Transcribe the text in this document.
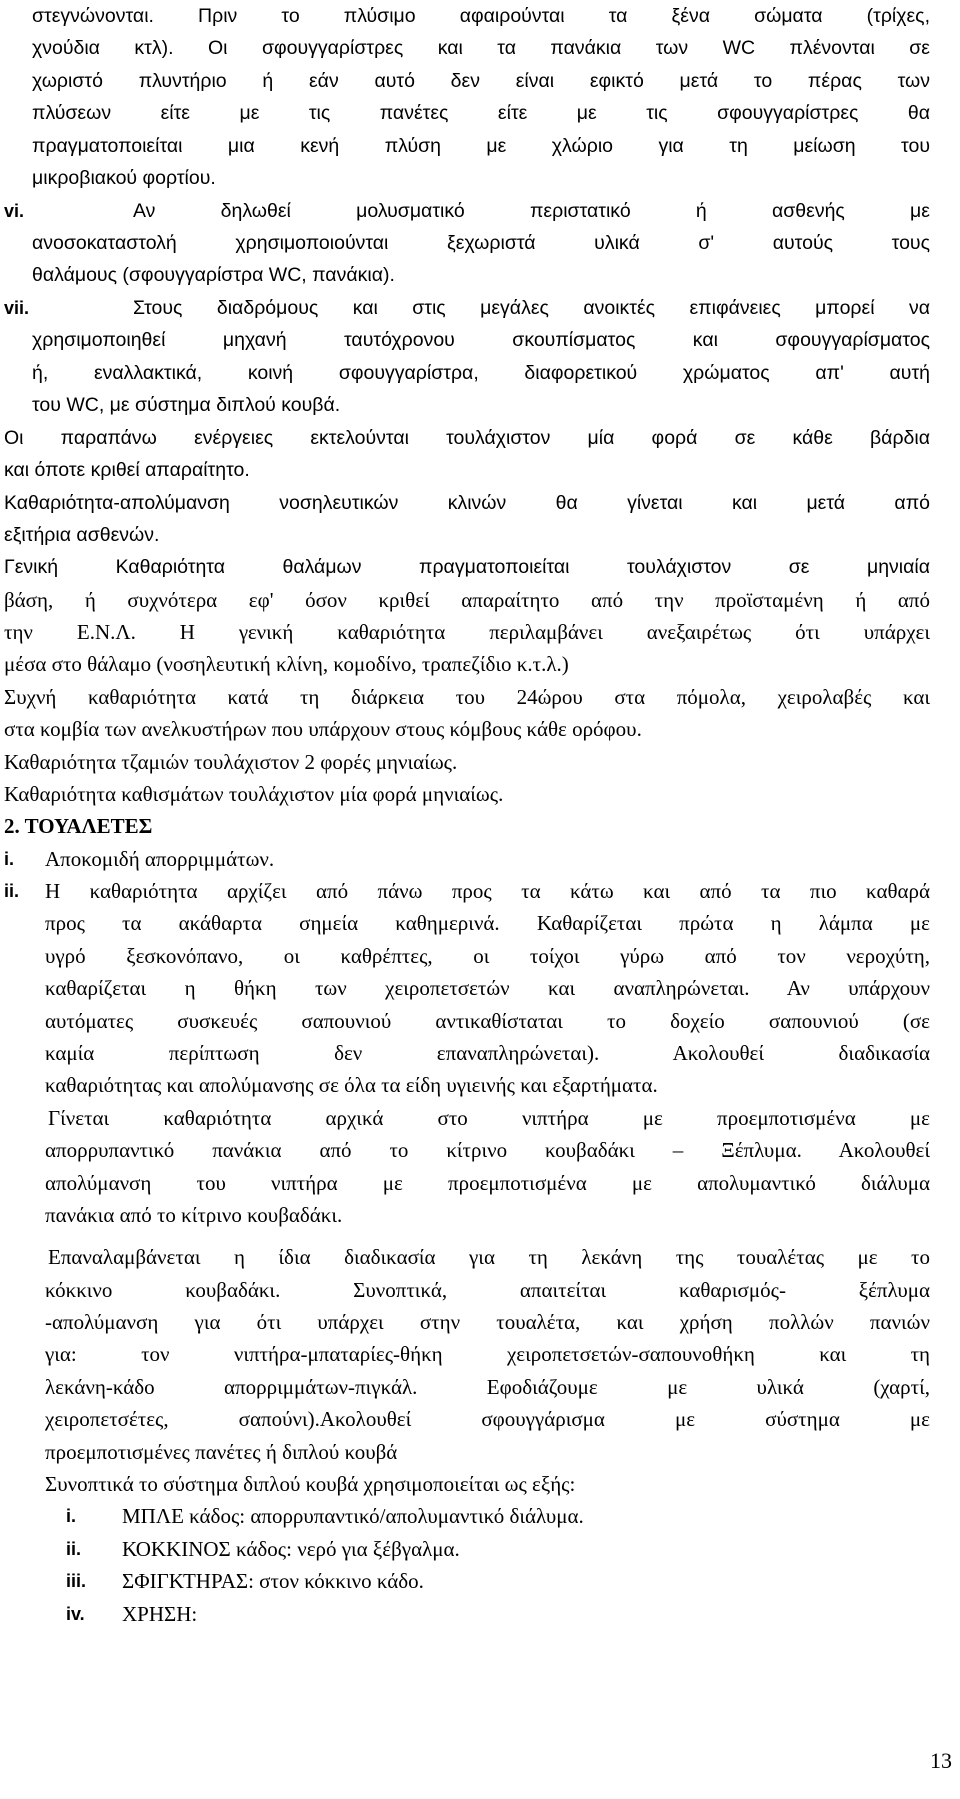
στεγνώνονται. Πριν το πλύσιμο αφαιρούνται τα ξένα σώματα (τρίχες,
χνούδια κτλ). Οι σφουγγαρίστρες και τα πανάκια των WC πλένονται σε
χωριστό πλυντήριο ή εάν αυτό δεν είναι εφικτό μετά το πέρας των
πλύσεων είτε με τις πανέτες είτε με τις σφουγγαρίστρες θα
πραγματοποιείται μια κενή πλύση με χλώριο για τη μείωση του
μικροβιακού φορτίου.
vi.	Αν δηλωθεί μολυσματικό περιστατικό ή ασθενής με
ανοσοκαταστολή χρησιμοποιούνται ξεχωριστά υλικά σ' αυτούς τους
θαλάμους (σφουγγαρίστρα WC, πανάκια).
vii.	Στους διαδρόμους και στις μεγάλες ανοικτές επιφάνειες μπορεί να
χρησιμοποιηθεί μηχανή ταυτόχρονου σκουπίσματος και σφουγγαρίσματος
ή, εναλλακτικά, κοινή σφουγγαρίστρα, διαφορετικού χρώματος απ' αυτή
του WC, με σύστημα διπλού κουβά.
Οι παραπάνω ενέργειες εκτελούνται τουλάχιστον μία φορά σε κάθε βάρδια
και όποτε κριθεί απαραίτητο.
Καθαριότητα-απολύμανση νοσηλευτικών κλινών θα γίνεται και μετά από
εξιτήρια ασθενών.
Γενική Καθαριότητα θαλάμων πραγματοποιείται τουλάχιστον σε μηνιαία
βάση, ή συχνότερα εφ' όσον κριθεί απαραίτητο από την προϊσταμένη ή από
την Ε.Ν.Λ. Η γενική καθαριότητα περιλαμβάνει ανεξαιρέτως ότι υπάρχει
μέσα στο θάλαμο (νοσηλευτική κλίνη, κομοδίνο, τραπεζίδιο κ.τ.λ.)
Συχνή καθαριότητα κατά τη διάρκεια του 24ώρου στα πόμολα, χειρολαβές και
στα κομβία των ανελκυστήρων που υπάρχουν στους κόμβους κάθε ορόφου.
Καθαριότητα τζαμιών τουλάχιστον 2 φορές μηνιαίως.
Καθαριότητα καθισμάτων τουλάχιστον μία φορά μηνιαίως.
2. ΤΟΥΑΛΕΤΕΣ
i. Αποκομιδή απορριμμάτων.
ii. Η καθαριότητα αρχίζει από πάνω προς τα κάτω και από τα πιο καθαρά
προς τα ακάθαρτα σημεία καθημερινά. Καθαρίζεται πρώτα η λάμπα με
υγρό ξεσκονόπανο, οι καθρέπτες, οι τοίχοι γύρω από τον νεροχύτη,
καθαρίζεται η θήκη των χειροπετσετών και αναπληρώνεται. Αν υπάρχουν
αυτόματες συσκευές σαπουνιού αντικαθίσταται το δοχείο σαπουνιού (σε
καμία περίπτωση δεν επαναπληρώνεται). Ακολουθεί διαδικασία
καθαριότητας και απολύμανσης σε όλα τα είδη υγιεινής και εξαρτήματα.
Γίνεται καθαριότητα αρχικά στο νιπτήρα με προεμποτισμένα με
απορρυπαντικό πανάκια από το κίτρινο κουβαδάκι – Ξέπλυμα. Ακολουθεί
απολύμανση του νιπτήρα με προεμποτισμένα με απολυμαντικό διάλυμα
πανάκια από το κίτρινο κουβαδάκι.
Επαναλαμβάνεται η ίδια διαδικασία για τη λεκάνη της τουαλέτας με το
κόκκινο κουβαδάκι. Συνοπτικά, απαιτείται καθαρισμός- ξέπλυμα
-απολύμανση για ότι υπάρχει στην τουαλέτα, και χρήση πολλών πανιών
για: τον νιπτήρα-μπαταρίες-θήκη χειροπετσετών-σαπουνοθήκη και τη
λεκάνη-κάδο απορριμμάτων-πιγκάλ. Εφοδιάζουμε με υλικά (χαρτί,
χειροπετσέτες, σαπούνι).Ακολουθεί σφουγγάρισμα με σύστημα με
προεμποτισμένες πανέτες ή διπλού κουβά
Συνοπτικά το σύστημα διπλού κουβά χρησιμοποιείται ως εξής:
i. ΜΠΛΕ κάδος: απορρυπαντικό/απολυμαντικό διάλυμα.
ii. ΚΟΚΚΙΝΟΣ κάδος: νερό για ξέβγαλμα.
iii. ΣΦΙΓΚΤΗΡΑΣ: στον κόκκινο κάδο.
iv. ΧΡΗΣΗ:
13
